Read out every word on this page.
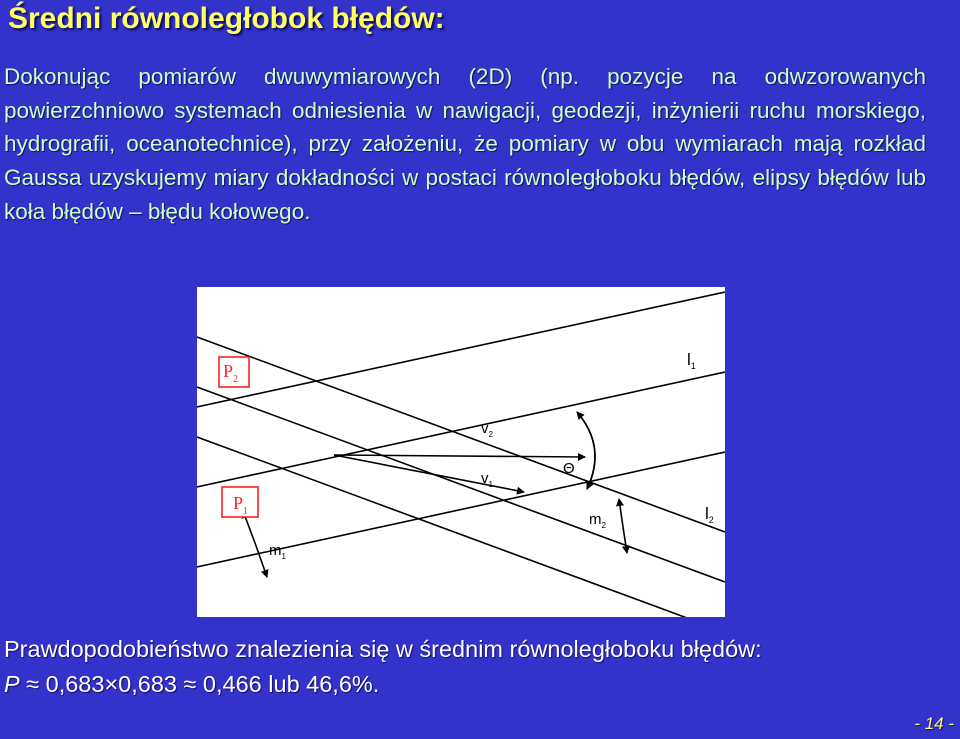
Średni równoległobok błędów:
Dokonując pomiarów dwuwymiarowych (2D) (np. pozycje na odwzorowanych powierzchniowo systemach odniesienia w nawigacji, geodezji, inżynierii ruchu morskiego, hydrografii, oceanotechnice), przy założeniu, że pomiary w obu wymiarach mają rozkład Gaussa uzyskujemy miary dokładności w postaci równoległoboku błędów, elipsy błędów lub koła błędów – błędu kołowego.
$P_2$
$P_1$
$l_1$
$l_2$
$v_2$
$v_1$
Θ
$m_1$
$m_2$
Prawdopodobieństwo znalezienia się w średnim równoległoboku błędów:
P ≈ 0,683×0,683 ≈ 0,466 lub 46,6%.
- 14 -
